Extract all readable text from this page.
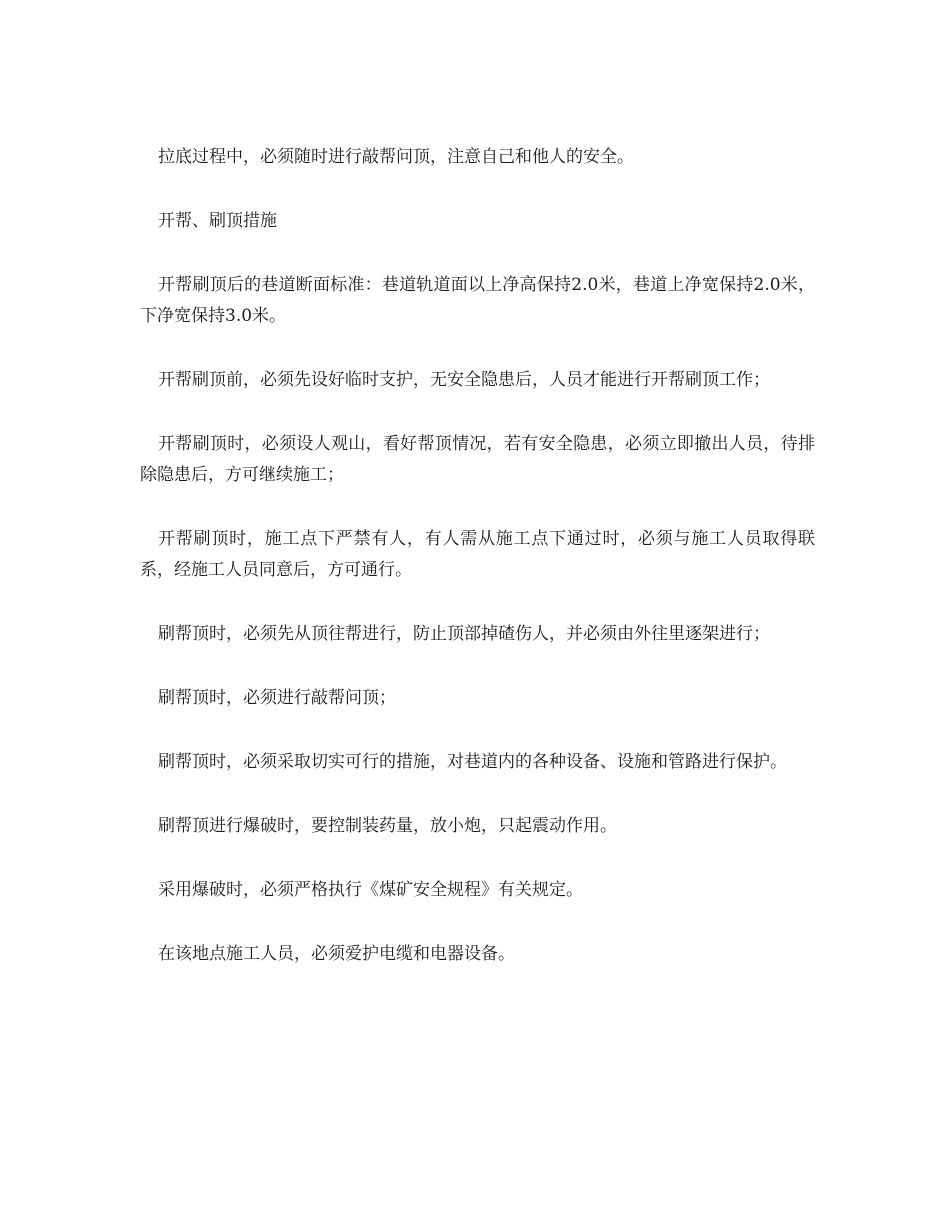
拉底过程中，必须随时进行敲帮问顶，注意自己和他人的安全。

开帮、刷顶措施

开帮刷顶后的巷道断面标准：巷道轨道面以上净高保持2.0米，巷道上净宽保持2.0米，下净宽保持3.0米。

开帮刷顶前，必须先设好临时支护，无安全隐患后，人员才能进行开帮刷顶工作；

开帮刷顶时，必须设人观山，看好帮顶情况，若有安全隐患，必须立即撤出人员，待排除隐患后，方可继续施工；

开帮刷顶时，施工点下严禁有人，有人需从施工点下通过时，必须与施工人员取得联系，经施工人员同意后，方可通行。

刷帮顶时，必须先从顶往帮进行，防止顶部掉碴伤人，并必须由外往里逐架进行；

刷帮顶时，必须进行敲帮问顶；

刷帮顶时，必须采取切实可行的措施，对巷道内的各种设备、设施和管路进行保护。

刷帮顶进行爆破时，要控制装药量，放小炮，只起震动作用。

采用爆破时，必须严格执行《煤矿安全规程》有关规定。

在该地点施工人员，必须爱护电缆和电器设备。
